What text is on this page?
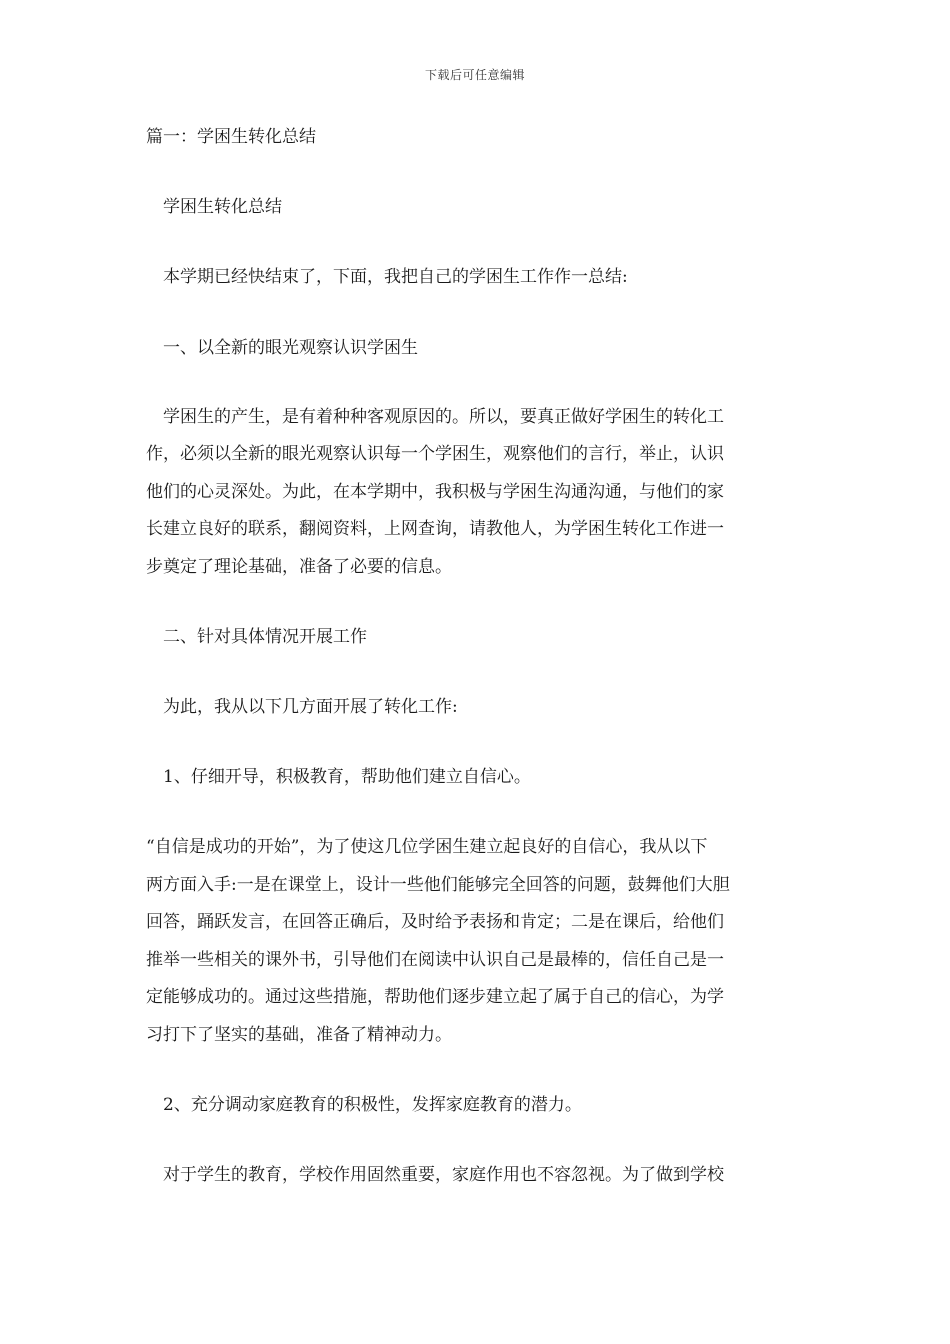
下载后可任意编辑
篇一：学困生转化总结
学困生转化总结
本学期已经快结束了，下面，我把自己的学困生工作作一总结:
一、以全新的眼光观察认识学困生
学困生的产生，是有着种种客观原因的。所以，要真正做好学困生的转化工
作，必须以全新的眼光观察认识每一个学困生，观察他们的言行，举止，认识
他们的心灵深处。为此，在本学期中，我积极与学困生沟通沟通，与他们的家
长建立良好的联系，翻阅资料，上网查询，请教他人，为学困生转化工作进一
步奠定了理论基础，准备了必要的信息。
二、针对具体情况开展工作
为此，我从以下几方面开展了转化工作:
1、仔细开导，积极教育，帮助他们建立自信心。
“自信是成功的开始”，为了使这几位学困生建立起良好的自信心，我从以下
两方面入手:一是在课堂上，设计一些他们能够完全回答的问题，鼓舞他们大胆
回答，踊跃发言，在回答正确后，及时给予表扬和肯定；二是在课后，给他们
推举一些相关的课外书，引导他们在阅读中认识自己是最棒的，信任自己是一
定能够成功的。通过这些措施，帮助他们逐步建立起了属于自己的信心，为学
习打下了坚实的基础，准备了精神动力。
2、充分调动家庭教育的积极性，发挥家庭教育的潜力。
对于学生的教育，学校作用固然重要，家庭作用也不容忽视。为了做到学校
